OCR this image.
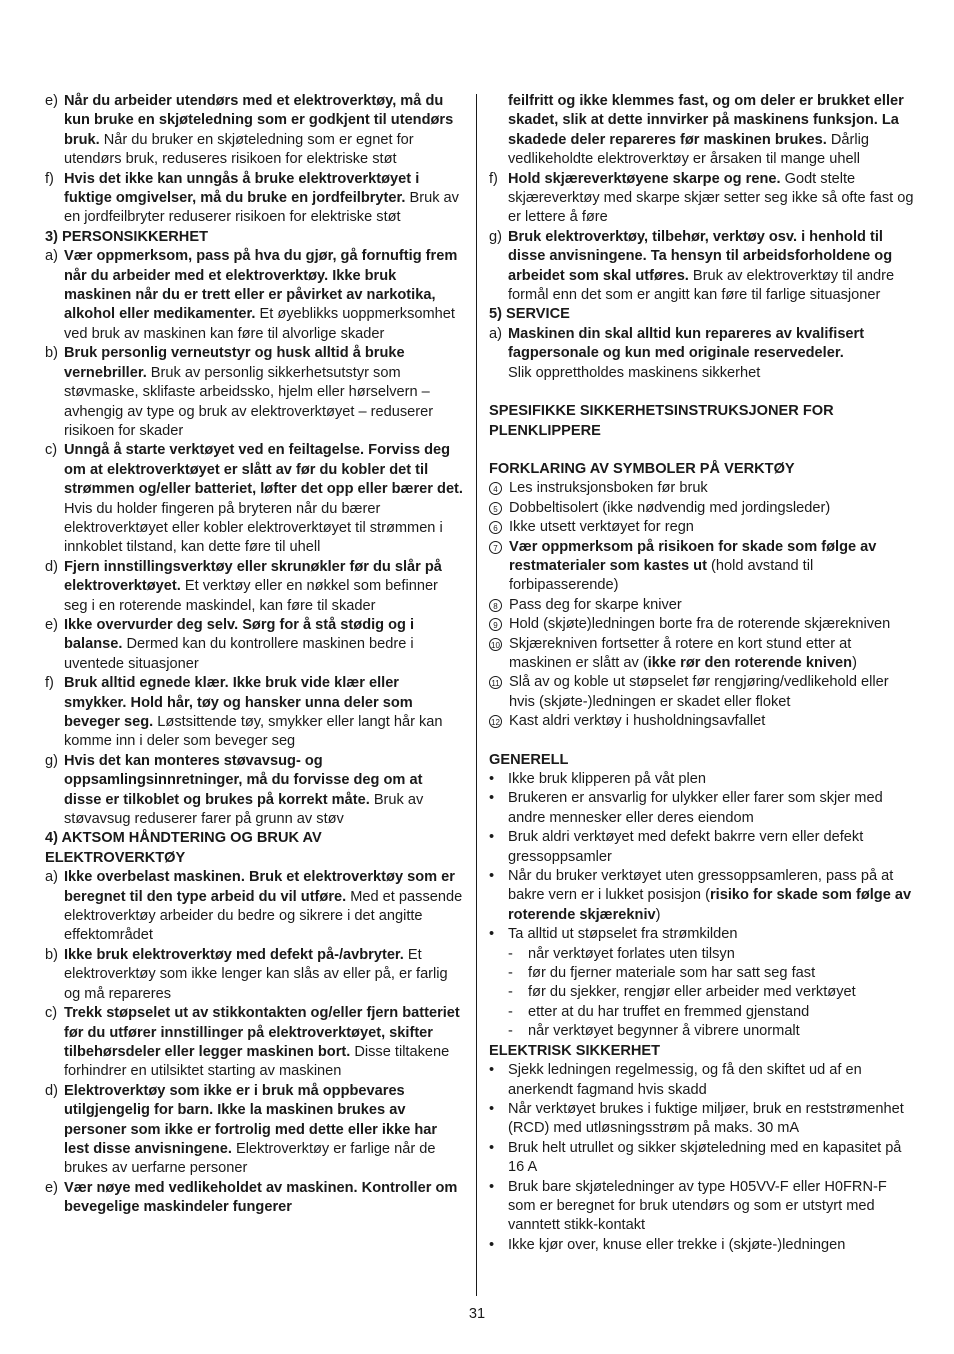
e) Når du arbeider utendørs med et elektroverktøy, må du kun bruke en skjøteledning som er godkjent til utendørs bruk. Når du bruker en skjøteledning som er egnet for utendørs bruk, reduseres risikoen for elektriske støt
f) Hvis det ikke kan unngås å bruke elektroverktøyet i fuktige omgivelser, må du bruke en jordfeilbryter. Bruk av en jordfeilbryter reduserer risikoen for elektriske støt
3) PERSONSIKKERHET
a) Vær oppmerksom, pass på hva du gjør, gå fornuftig frem når du arbeider med et elektroverktøy. Ikke bruk maskinen når du er trett eller er påvirket av narkotika, alkohol eller medikamenter. Et øyeblikks uoppmerksomhet ved bruk av maskinen kan føre til alvorlige skader
b) Bruk personlig verneutstyr og husk alltid å bruke vernebriller. Bruk av personlig sikkerhetsutstyr som støvmaske, sklifaste arbeidssko, hjelm eller hørselvern – avhengig av type og bruk av elektroverktøyet – reduserer risikoen for skader
c) Unngå å starte verktøyet ved en feiltagelse. Forviss deg om at elektroverktøyet er slått av før du kobler det til strømmen og/eller batteriet, løfter det opp eller bærer det. Hvis du holder fingeren på bryteren når du bærer elektroverktøyet eller kobler elektroverktøyet til strømmen i innkoblet tilstand, kan dette føre til uhell
d) Fjern innstillingsverktøy eller skrunøkler før du slår på elektroverktøyet. Et verktøy eller en nøkkel som befinner seg i en roterende maskindel, kan føre til skader
e) Ikke overvurder deg selv. Sørg for å stå stødig og i balanse. Dermed kan du kontrollere maskinen bedre i uventede situasjoner
f) Bruk alltid egnede klær. Ikke bruk vide klær eller smykker. Hold hår, tøy og hansker unna deler som beveger seg. Løstsittende tøy, smykker eller langt hår kan komme inn i deler som beveger seg
g) Hvis det kan monteres støvavsug- og oppsamlingsinnretninger, må du forvisse deg om at disse er tilkoblet og brukes på korrekt måte. Bruk av støvavsug reduserer farer på grunn av støv
4) AKTSOM HÅNDTERING OG BRUK AV ELEKTROVERKTØY
a) Ikke overbelast maskinen. Bruk et elektroverktøy som er beregnet til den type arbeid du vil utføre. Med et passende elektroverktøy arbeider du bedre og sikrere i det angitte effektområdet
b) Ikke bruk elektroverktøy med defekt på-/avbryter. Et elektroverktøy som ikke lenger kan slås av eller på, er farlig og må repareres
c) Trekk støpselet ut av stikkontakten og/eller fjern batteriet før du utfører innstillinger på elektroverktøyet, skifter tilbehørsdeler eller legger maskinen bort. Disse tiltakene forhindrer en utilsiktet starting av maskinen
d) Elektroverktøy som ikke er i bruk må oppbevares utilgjengelig for barn. Ikke la maskinen brukes av personer som ikke er fortrolig med dette eller ikke har lest disse anvisningene. Elektroverktøy er farlige når de brukes av uerfarne personer
e) Vær nøye med vedlikeholdet av maskinen. Kontroller om bevegelige maskindeler fungerer
feilfritt og ikke klemmes fast, og om deler er brukket eller skadet, slik at dette innvirker på maskinens funksjon. La skadede deler repareres før maskinen brukes. Dårlig vedlikeholdte elektroverktøy er årsaken til mange uhell
f) Hold skjæreverktøyene skarpe og rene. Godt stelte skjæreverktøy med skarpe skjær setter seg ikke så ofte fast og er lettere å føre
g) Bruk elektroverktøy, tilbehør, verktøy osv. i henhold til disse anvisningene. Ta hensyn til arbeidsforholdene og arbeidet som skal utføres. Bruk av elektroverktøy til andre formål enn det som er angitt kan føre til farlige situasjoner
5) SERVICE
a) Maskinen din skal alltid kun repareres av kvalifisert fagpersonale og kun med originale reservedeler.
Slik opprettholdes maskinens sikkerhet
SPESIFIKKE SIKKERHETSINSTRUKSJONER FOR PLENKLIPPERE
FORKLARING AV SYMBOLER PÅ VERKTØY
4 Les instruksjonsboken før bruk
5 Dobbeltisolert (ikke nødvendig med jordingsleder)
6 Ikke utsett verktøyet for regn
7 Vær oppmerksom på risikoen for skade som følge av restmaterialer som kastes ut (hold avstand til forbipasserende)
8 Pass deg for skarpe kniver
9 Hold (skjøte)ledningen borte fra de roterende skjærekniven
10 Skjærekniven fortsetter å rotere en kort stund etter at maskinen er slått av (ikke rør den roterende kniven)
11 Slå av og koble ut støpselet før rengjøring/vedlikehold eller hvis (skjøte-)ledningen er skadet eller floket
12 Kast aldri verktøy i husholdningsavfallet
GENERELL
• Ikke bruk klipperen på våt plen
• Brukeren er ansvarlig for ulykker eller farer som skjer med andre mennesker eller deres eiendom
• Bruk aldri verktøyet med defekt bakrre vern eller defekt gressoppsamler
• Når du bruker verktøyet uten gressoppsamleren, pass på at bakre vern er i lukket posisjon (risiko for skade som følge av roterende skjærekniv)
• Ta alltid ut støpselet fra strømkilden
- når verktøyet forlates uten tilsyn
- før du fjerner materiale som har satt seg fast
- før du sjekker, rengjør eller arbeider med verktøyet
- etter at du har truffet en fremmed gjenstand
- når verktøyet begynner å vibrere unormalt
ELEKTRISK SIKKERHET
• Sjekk ledningen regelmessig, og få den skiftet ud af en anerkendt fagmand hvis skadd
• Når verktøyet brukes i fuktige miljøer, bruk en reststrømenhet (RCD) med utløsningsstrøm på maks. 30 mA
• Bruk helt utrullet og sikker skjøteledning med en kapasitet på 16 A
• Bruk bare skjøteledninger av type H05VV-F eller H0FRN-F som er beregnet for bruk utendørs og som er utstyrt med vanntett stikk-kontakt
• Ikke kjør over, knuse eller trekke i (skjøte-)ledningen
31
